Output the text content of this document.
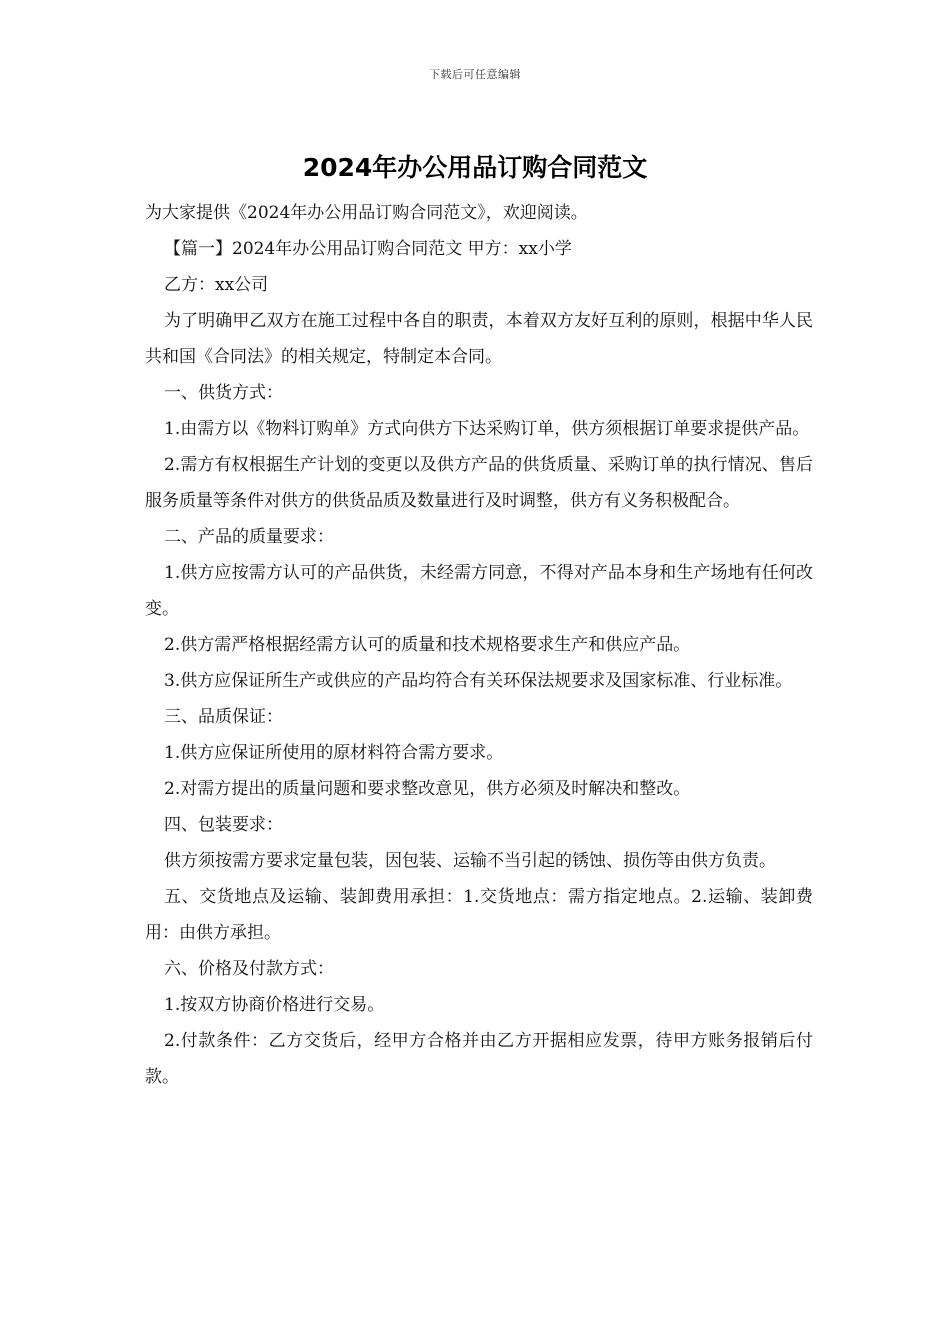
下载后可任意编辑
2024年办公用品订购合同范文

为大家提供《2024年办公用品订购合同范文》，欢迎阅读。

【篇一】2024年办公用品订购合同范文 甲方：xx小学

乙方：xx公司

为了明确甲乙双方在施工过程中各自的职责，本着双方友好互利的原则，根据中华人民共和国《合同法》的相关规定，特制定本合同。

一、供货方式：

1.由需方以《物料订购单》方式向供方下达采购订单，供方须根据订单要求提供产品。

2.需方有权根据生产计划的变更以及供方产品的供货质量、采购订单的执行情况、售后服务质量等条件对供方的供货品质及数量进行及时调整，供方有义务积极配合。

二、产品的质量要求：

1.供方应按需方认可的产品供货，未经需方同意，不得对产品本身和生产场地有任何改变。

2.供方需严格根据经需方认可的质量和技术规格要求生产和供应产品。

3.供方应保证所生产或供应的产品均符合有关环保法规要求及国家标准、行业标准。

三、品质保证：

1.供方应保证所使用的原材料符合需方要求。

2.对需方提出的质量问题和要求整改意见，供方必须及时解决和整改。

四、包装要求：

供方须按需方要求定量包装，因包装、运输不当引起的锈蚀、损伤等由供方负责。

五、交货地点及运输、装卸费用承担：1.交货地点：需方指定地点。2.运输、装卸费用：由供方承担。

六、价格及付款方式：

1.按双方协商价格进行交易。

2.付款条件：乙方交货后，经甲方合格并由乙方开据相应发票，待甲方账务报销后付款。
